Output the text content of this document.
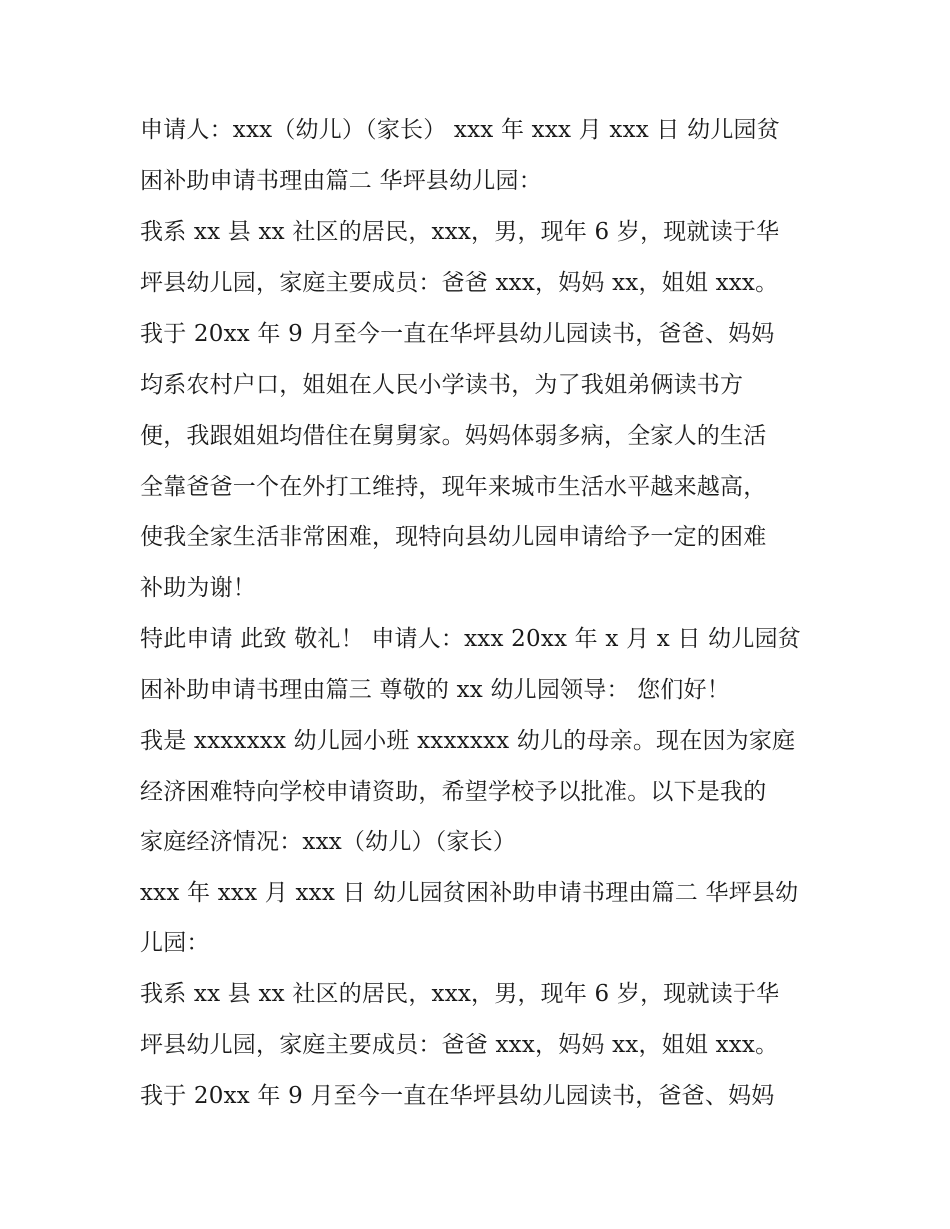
申请人：xxx（幼儿）（家长） xxx 年 xxx 月 xxx 日 幼儿园贫
困补助申请书理由篇二 华坪县幼儿园：
我系 xx 县 xx 社区的居民，xxx，男，现年 6 岁，现就读于华
坪县幼儿园，家庭主要成员：爸爸 xxx，妈妈 xx，姐姐 xxx。
我于 20xx 年 9 月至今一直在华坪县幼儿园读书，爸爸、妈妈
均系农村户口，姐姐在人民小学读书，为了我姐弟俩读书方
便，我跟姐姐均借住在舅舅家。妈妈体弱多病，全家人的生活
全靠爸爸一个在外打工维持，现年来城市生活水平越来越高，
使我全家生活非常困难，现特向县幼儿园申请给予一定的困难
补助为谢！
特此申请 此致 敬礼！ 申请人：xxx 20xx 年 x 月 x 日 幼儿园贫
困补助申请书理由篇三 尊敬的 xx 幼儿园领导： 您们好！
我是 xxxxxxx 幼儿园小班 xxxxxxx 幼儿的母亲。现在因为家庭
经济困难特向学校申请资助，希望学校予以批准。以下是我的
家庭经济情况：xxx（幼儿）（家长）
xxx 年 xxx 月 xxx 日 幼儿园贫困补助申请书理由篇二 华坪县幼
儿园：
我系 xx 县 xx 社区的居民，xxx，男，现年 6 岁，现就读于华
坪县幼儿园，家庭主要成员：爸爸 xxx，妈妈 xx，姐姐 xxx。
我于 20xx 年 9 月至今一直在华坪县幼儿园读书，爸爸、妈妈
